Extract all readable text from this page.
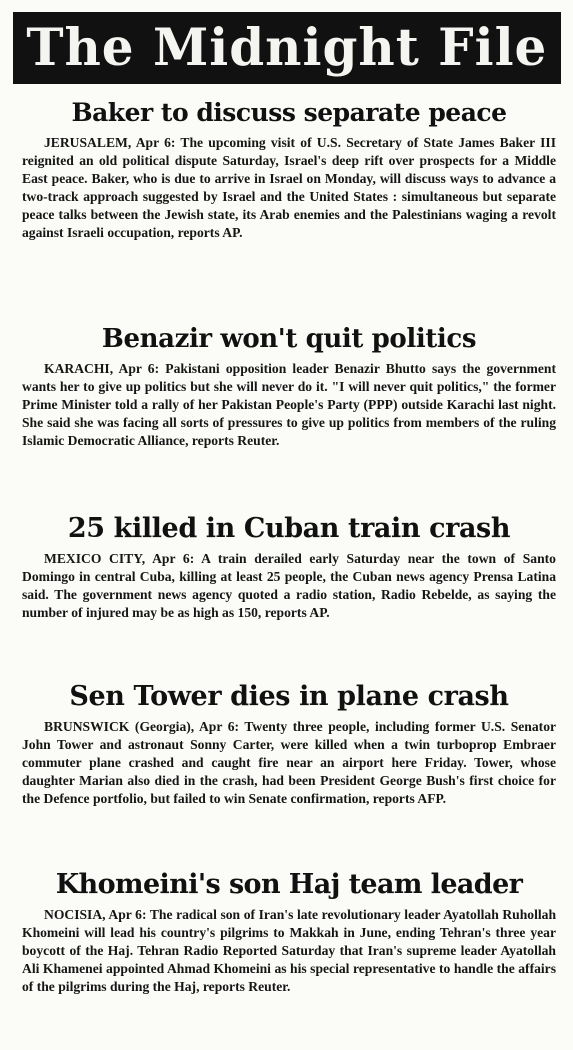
The Midnight File
Baker to discuss separate peace

JERUSALEM, Apr 6: The upcoming visit of U.S. Secretary of State James Baker III reignited an old political dispute Saturday, Israel's deep rift over prospects for a Middle East peace. Baker, who is due to arrive in Israel on Monday, will discuss ways to advance a two-track approach suggested by Israel and the United States : simultaneous but separate peace talks between the Jewish state, its Arab enemies and the Palestinians waging a revolt against Israeli occupation, reports AP.

Benazir won't quit politics

KARACHI, Apr 6: Pakistani opposition leader Benazir Bhutto says the government wants her to give up politics but she will never do it. "I will never quit politics," the former Prime Minister told a rally of her Pakistan People's Party (PPP) outside Karachi last night. She said she was facing all sorts of pressures to give up politics from members of the ruling Islamic Democratic Alliance, reports Reuter.

25 killed in Cuban train crash

MEXICO CITY, Apr 6: A train derailed early Saturday near the town of Santo Domingo in central Cuba, killing at least 25 people, the Cuban news agency Prensa Latina said. The government news agency quoted a radio station, Radio Rebelde, as saying the number of injured may be as high as 150, reports AP.

Sen Tower dies in plane crash

BRUNSWICK (Georgia), Apr 6: Twenty three people, including former U.S. Senator John Tower and astronaut Sonny Carter, were killed when a twin turboprop Embraer commuter plane crashed and caught fire near an airport here Friday. Tower, whose daughter Marian also died in the crash, had been President George Bush's first choice for the Defence portfolio, but failed to win Senate confirmation, reports AFP.

Khomeini's son Haj team leader

NOCISIA, Apr 6: The radical son of Iran's late revolutionary leader Ayatollah Ruhollah Khomeini will lead his country's pilgrims to Makkah in June, ending Tehran's three year boycott of the Haj. Tehran Radio Reported Saturday that Iran's supreme leader Ayatollah Ali Khamenei appointed Ahmad Khomeini as his special representative to handle the affairs of the pilgrims during the Haj, reports Reuter.
